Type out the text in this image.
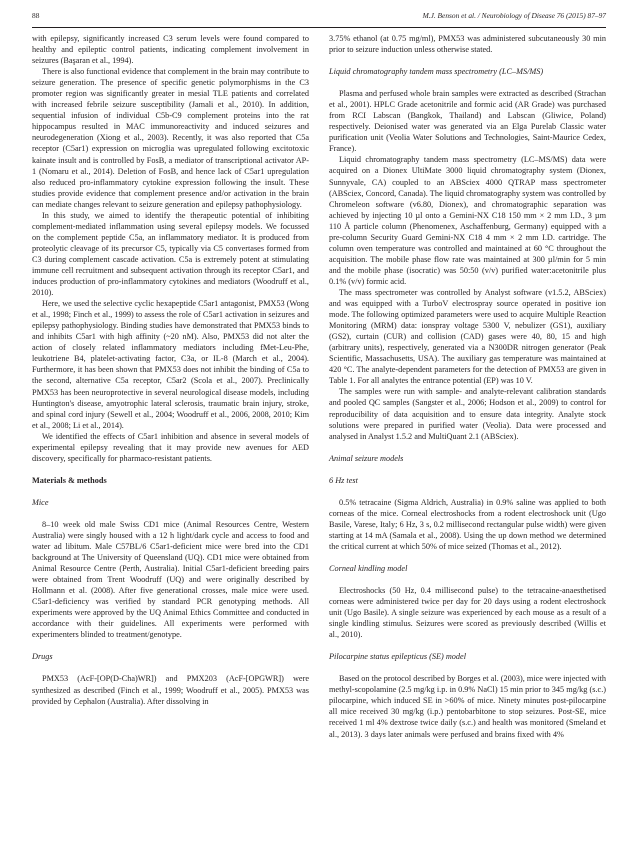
88	M.J. Benson et al. / Neurobiology of Disease 76 (2015) 87–97

with epilepsy, significantly increased C3 serum levels were found compared to healthy and epileptic control patients, indicating complement involvement in seizures (Başaran et al., 1994).

There is also functional evidence that complement in the brain may contribute to seizure generation. The presence of specific genetic polymorphisms in the C3 promoter region was significantly greater in mesial TLE patients and correlated with increased febrile seizure susceptibility (Jamali et al., 2010). In addition, sequential infusion of individual C5b-C9 complement proteins into the rat hippocampus resulted in MAC immunoreactivity and induced seizures and neurodegeneration (Xiong et al., 2003). Recently, it was also reported that C5a receptor (C5ar1) expression on microglia was upregulated following excitotoxic kainate insult and is controlled by FosB, a mediator of transcriptional activator AP-1 (Nomaru et al., 2014). Deletion of FosB, and hence lack of C5ar1 upregulation also reduced pro-inflammatory cytokine expression following the insult. These studies provide evidence that complement presence and/or activation in the brain can mediate changes relevant to seizure generation and epilepsy pathophysiology.

In this study, we aimed to identify the therapeutic potential of inhibiting complement-mediated inflammation using several epilepsy models. We focussed on the complement peptide C5a, an inflammatory mediator. It is produced from proteolytic cleavage of its precursor C5, typically via C5 convertases formed from C3 during complement cascade activation. C5a is extremely potent at stimulating immune cell recruitment and subsequent activation through its receptor C5ar1, and induces production of pro-inflammatory cytokines and mediators (Woodruff et al., 2010).

Here, we used the selective cyclic hexapeptide C5ar1 antagonist, PMX53 (Wong et al., 1998; Finch et al., 1999) to assess the role of C5ar1 activation in seizures and epilepsy pathophysiology. Binding studies have demonstrated that PMX53 binds to and inhibits C5ar1 with high affinity (~20 nM). Also, PMX53 did not alter the action of closely related inflammatory mediators including fMet-Leu-Phe, leukotriene B4, platelet-activating factor, C3a, or IL-8 (March et al., 2004). Furthermore, it has been shown that PMX53 does not inhibit the binding of C5a to the second, alternative C5a receptor, C5ar2 (Scola et al., 2007). Preclinically PMX53 has been neuroprotective in several neurological disease models, including Huntington's disease, amyotrophic lateral sclerosis, traumatic brain injury, stroke, and spinal cord injury (Sewell et al., 2004; Woodruff et al., 2006, 2008, 2010; Kim et al., 2008; Li et al., 2014).

We identified the effects of C5ar1 inhibition and absence in several models of experimental epilepsy revealing that it may provide new avenues for AED discovery, specifically for pharmaco-resistant patients.

Materials & methods
Mice

8–10 week old male Swiss CD1 mice (Animal Resources Centre, Western Australia) were singly housed with a 12 h light/dark cycle and access to food and water ad libitum. Male C57BL/6 C5ar1-deficient mice were bred into the CD1 background at The University of Queensland (UQ). CD1 mice were obtained from Animal Resource Centre (Perth, Australia). Initial C5ar1-deficient breeding pairs were obtained from Trent Woodruff (UQ) and were originally described by Hollmann et al. (2008). After five generational crosses, male mice were used. C5ar1-deficiency was verified by standard PCR genotyping methods. All experiments were approved by the UQ Animal Ethics Committee and conducted in accordance with their guidelines. All experiments were performed with experimenters blinded to treatment/genotype.

Drugs

PMX53 (AcF-[OP(D-Cha)WR]) and PMX203 (AcF-[OPGWR]) were synthesized as described (Finch et al., 1999; Woodruff et al., 2005). PMX53 was provided by Cephalon (Australia). After dissolving in

3.75% ethanol (at 0.75 mg/ml), PMX53 was administered subcutaneously 30 min prior to seizure induction unless otherwise stated.

Liquid chromatography tandem mass spectrometry (LC–MS/MS)

Plasma and perfused whole brain samples were extracted as described (Strachan et al., 2001). HPLC Grade acetonitrile and formic acid (AR Grade) was purchased from RCI Labscan (Bangkok, Thailand) and Labscan (Gliwice, Poland) respectively. Deionised water was generated via an Elga Purelab Classic water purification unit (Veolia Water Solutions and Technologies, Saint-Maurice Cedex, France).

Liquid chromatography tandem mass spectrometry (LC–MS/MS) data were acquired on a Dionex UltiMate 3000 liquid chromatography system (Dionex, Sunnyvale, CA) coupled to an ABSciex 4000 QTRAP mass spectrometer (ABSciex, Concord, Canada). The liquid chromatography system was controlled by Chromeleon software (v6.80, Dionex), and chromatographic separation was achieved by injecting 10 µl onto a Gemini-NX C18 150 mm × 2 mm I.D., 3 µm 110 Å particle column (Phenomenex, Aschaffenburg, Germany) equipped with a pre-column Security Guard Gemini-NX C18 4 mm × 2 mm I.D. cartridge. The column oven temperature was controlled and maintained at 60 °C throughout the acquisition. The mobile phase flow rate was maintained at 300 µl/min for 5 min and the mobile phase (isocratic) was 50:50 (v/v) purified water:acetonitrile plus 0.1% (v/v) formic acid.

The mass spectrometer was controlled by Analyst software (v1.5.2, ABSciex) and was equipped with a TurboV electrospray source operated in positive ion mode. The following optimized parameters were used to acquire Multiple Reaction Monitoring (MRM) data: ionspray voltage 5300 V, nebulizer (GS1), auxiliary (GS2), curtain (CUR) and collision (CAD) gases were 40, 80, 15 and high (arbitrary units), respectively, generated via a N300DR nitrogen generator (Peak Scientific, Massachusetts, USA). The auxiliary gas temperature was maintained at 420 °C. The analyte-dependent parameters for the detection of PMX53 are given in Table 1. For all analytes the entrance potential (EP) was 10 V.

The samples were run with sample- and analyte-relevant calibration standards and pooled QC samples (Sangster et al., 2006; Hodson et al., 2009) to control for reproducibility of data acquisition and to ensure data integrity. Analyte stock solutions were prepared in purified water (Veolia). Data were processed and analysed in Analyst 1.5.2 and MultiQuant 2.1 (ABSciex).

Animal seizure models
6 Hz test

0.5% tetracaine (Sigma Aldrich, Australia) in 0.9% saline was applied to both corneas of the mice. Corneal electroshocks from a rodent electroshock unit (Ugo Basile, Varese, Italy; 6 Hz, 3 s, 0.2 millisecond rectangular pulse width) were given starting at 14 mA (Samala et al., 2008). Using the up down method we determined the critical current at which 50% of mice seized (Thomas et al., 2012).

Corneal kindling model

Electroshocks (50 Hz, 0.4 millisecond pulse) to the tetracaine-anaesthetised corneas were administered twice per day for 20 days using a rodent electroshock unit (Ugo Basile). A single seizure was experienced by each mouse as a result of a single kindling stimulus. Seizures were scored as previously described (Willis et al., 2010).

Pilocarpine status epilepticus (SE) model

Based on the protocol described by Borges et al. (2003), mice were injected with methyl-scopolamine (2.5 mg/kg i.p. in 0.9% NaCl) 15 min prior to 345 mg/kg (s.c.) pilocarpine, which induced SE in >60% of mice. Ninety minutes post-pilocarpine all mice received 30 mg/kg (i.p.) pentobarbitone to stop seizures. Post-SE, mice received 1 ml 4% dextrose twice daily (s.c.) and health was monitored (Smeland et al., 2013). 3 days later animals were perfused and brains fixed with 4%
